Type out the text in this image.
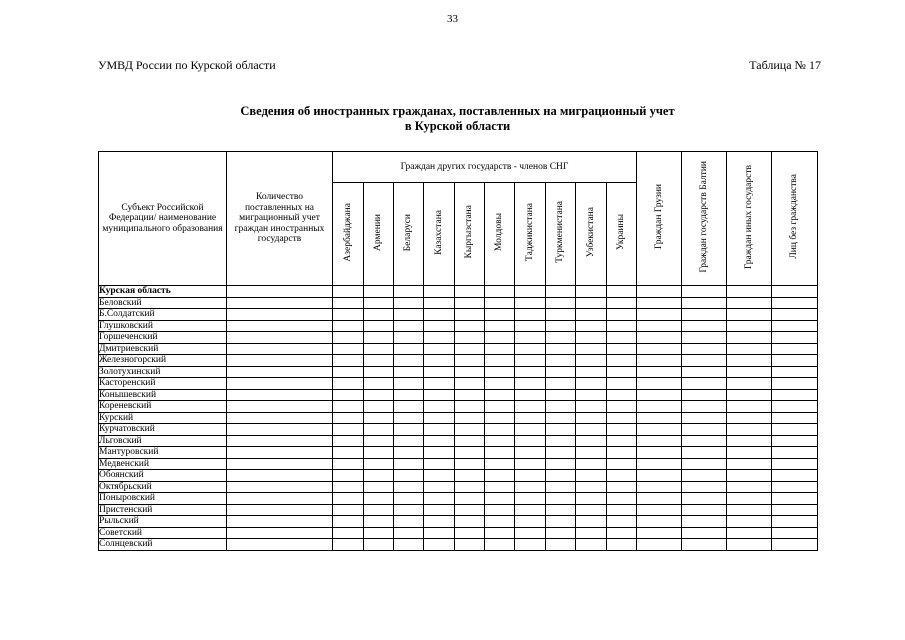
33
УМВД России по Курской области	Таблица № 17
Сведения об иностранных гражданах, поставленных на миграционный учет
в Курской области
Субъект Российской Федерации/ наименование муниципального образования	Количество поставленных на миграционный учет граждан иностранных государств	Граждан других государств - членов СНГ										Граждан Грузии	Граждан государств Балтии	Граждан иных государств	Лиц без гражданства
		Азербайджана	Армении	Беларуси	Казахстана	Кыргызстана	Молдовы	Таджикистана	Туркменистана	Узбекистана	Украины				
Курская область															
Беловский															
Б.Солдатский															
Глушковский															
Горшеченский															
Дмитриевский															
Железногорский															
Золотухинский															
Касторенский															
Конышевский															
Кореневский															
Курский															
Курчатовский															
Льговский															
Мантуровский															
Медвенский															
Обоянский															
Октябрьский															
Поныровский															
Пристенский															
Рыльский															
Советский															
Солнцевский															
